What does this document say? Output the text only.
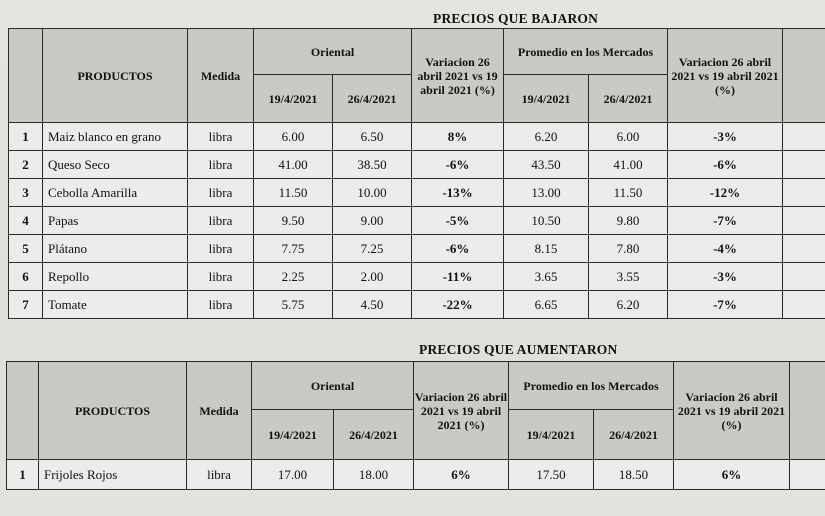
PRECIOS QUE BAJARON
	PRODUCTOS	Medida	Oriental		Variacion 26 abril 2021 vs 19 abril 2021 (%)	Promedio en los Mercados		Variacion 26 abril 2021 vs 19 abril 2021 (%)	
			19/4/2021	26/4/2021		19/4/2021	26/4/2021		
1	Maiz blanco en grano	libra	6.00	6.50	8%	6.20	6.00	-3%	
2	Queso Seco	libra	41.00	38.50	-6%	43.50	41.00	-6%	
3	Cebolla Amarilla	libra	11.50	10.00	-13%	13.00	11.50	-12%	
4	Papas	libra	9.50	9.00	-5%	10.50	9.80	-7%	
5	Plátano	libra	7.75	7.25	-6%	8.15	7.80	-4%	
6	Repollo	libra	2.25	2.00	-11%	3.65	3.55	-3%	
7	Tomate	libra	5.75	4.50	-22%	6.65	6.20	-7%	
PRECIOS QUE AUMENTARON
	PRODUCTOS	Medida	Oriental		Variacion 26 abril 2021 vs 19 abril 2021 (%)	Promedio en los Mercados		Variacion 26 abril 2021 vs 19 abril 2021 (%)	
			19/4/2021	26/4/2021		19/4/2021	26/4/2021		
1	Frijoles Rojos	libra	17.00	18.00	6%	17.50	18.50	6%	
